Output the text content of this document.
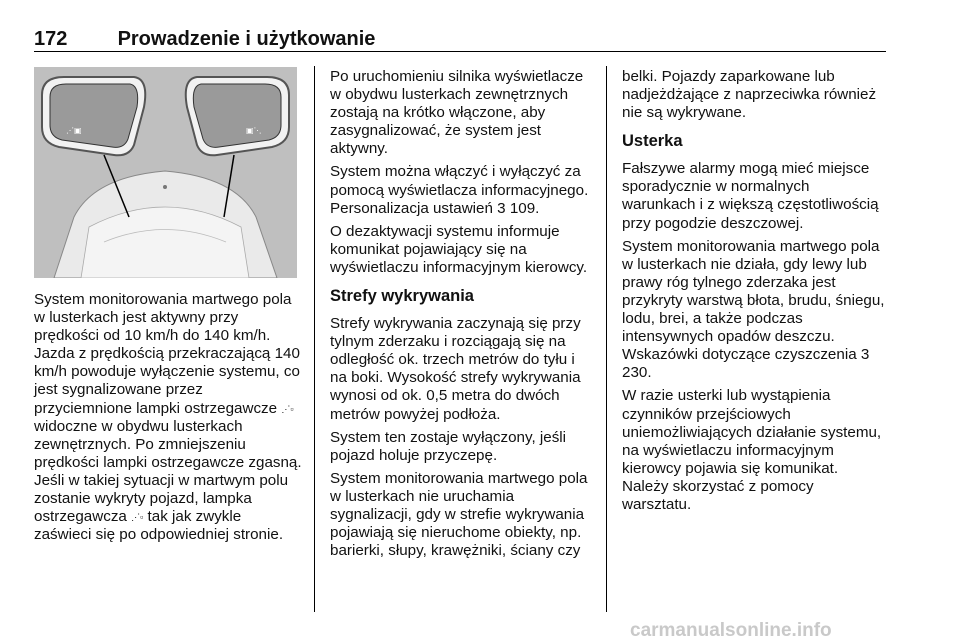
172	Prowadzenie i użytkowanie
⋰▣	▣⋱

System monitorowania martwego pola w lusterkach jest aktywny przy prędkości od 10 km/h do 140 km/h. Jazda z prędkością przekraczającą 140 km/h powoduje wyłączenie systemu, co jest sygnalizowane przez przyciemnione lampki ostrzegawcze ⋰▫ widoczne w obydwu lusterkach zewnętrznych. Po zmniejszeniu prędkości lampki ostrzegawcze zgasną. Jeśli w takiej sytuacji w martwym polu zostanie wykryty pojazd, lampka ostrzegawcza ⋰▫ tak jak zwykle zaświeci się po odpowiedniej stronie.

Po uruchomieniu silnika wyświetlacze w obydwu lusterkach zewnętrznych zostają na krótko włączone, aby zasygnalizować, że system jest aktywny.

System można włączyć i wyłączyć za pomocą wyświetlacza informacyjnego. Personalizacja ustawień 3 109.

O dezaktywacji systemu informuje komunikat pojawiający się na wyświetlaczu informacyjnym kierowcy.

Strefy wykrywania

Strefy wykrywania zaczynają się przy tylnym zderzaku i rozciągają się na odległość ok. trzech metrów do tyłu i na boki. Wysokość strefy wykrywania wynosi od ok. 0,5 metra do dwóch metrów powyżej podłoża.

System ten zostaje wyłączony, jeśli pojazd holuje przyczepę.

System monitorowania martwego pola w lusterkach nie uruchamia sygnalizacji, gdy w strefie wykrywania pojawiają się nieruchome obiekty, np. barierki, słupy, krawężniki, ściany czy

belki. Pojazdy zaparkowane lub nadjeżdżające z naprzeciwka również nie są wykrywane.

Usterka

Fałszywe alarmy mogą mieć miejsce sporadycznie w normalnych warunkach i z większą częstotliwością przy pogodzie deszczowej.

System monitorowania martwego pola w lusterkach nie działa, gdy lewy lub prawy róg tylnego zderzaka jest przykryty warstwą błota, brudu, śniegu, lodu, brei, a także podczas intensywnych opadów deszczu. Wskazówki dotyczące czyszczenia 3 230.

W razie usterki lub wystąpienia czynników przejściowych uniemożliwiających działanie systemu, na wyświetlaczu informacyjnym kierowcy pojawia się komunikat. Należy skorzystać z pomocy warsztatu.

carmanualsonline.info
